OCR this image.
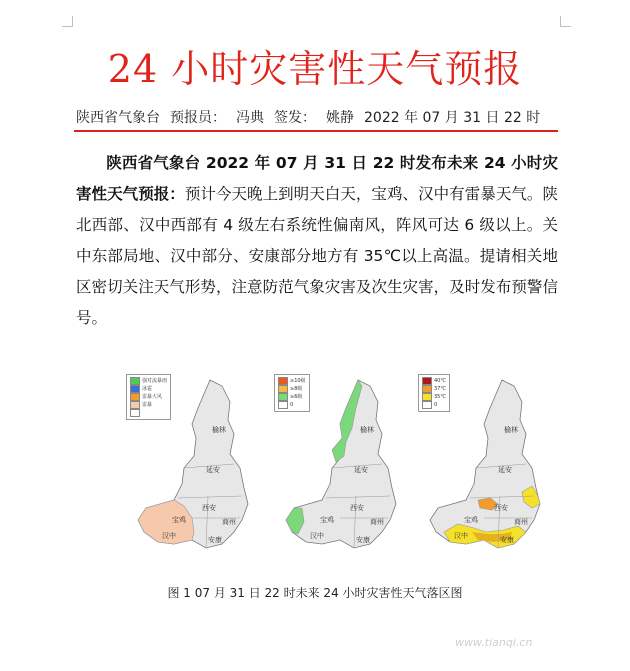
24 小时灾害性天气预报
陕西省气象台 预报员： 冯典 签发： 姚静 2022 年 07 月 31 日 22 时
陕西省气象台 2022 年 07 月 31 日 22 时发布未来 24 小时灾害性天气预报：预计今天晚上到明天白天，宝鸡、汉中有雷暴天气。陕北西部、汉中西部有 4 级左右系统性偏南风，阵风可达 6 级以上。关中东部局地、汉中部分、安康部分地方有 35℃以上高温。提请相关地区密切关注天气形势，注意防范气象灾害及次生灾害，及时发布预警信号。
榆林
延安
宝鸡
西安
商州
汉中	安康
强对流暴雨
冰雹
雷暴大风
雷暴
榆林
延安
宝鸡
西安
商州
汉中	安康
≥10级
≥8级
≥6级
0
榆林
延安
宝鸡
西安
商州
汉中	安康
40℃
37℃
35℃
0
图 1 07 月 31 日 22 时未来 24 小时灾害性天气落区图
www.tianqi.cn
